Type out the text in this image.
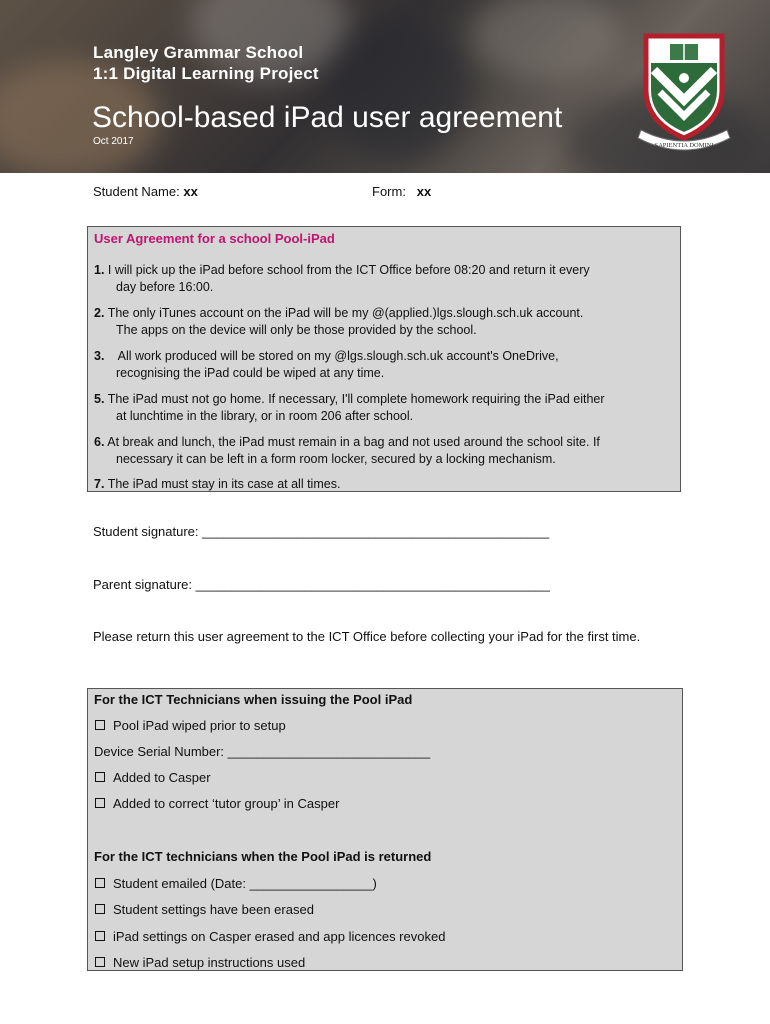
Langley Grammar School
1:1 Digital Learning Project
School-based iPad user agreement
Oct 2017	SAPIENTIA DOMINI
Student Name: xx	Form: xx
User Agreement for a school Pool-iPad
1. I will pick up the iPad before school from the ICT Office before 08:20 and return it every
day before 16:00.
2. The only iTunes account on the iPad will be my @(applied.)lgs.slough.sch.uk account.
The apps on the device will only be those provided by the school.
3. All work produced will be stored on my @lgs.slough.sch.uk account's OneDrive,
recognising the iPad could be wiped at any time.
5. The iPad must not go home. If necessary, I'll complete homework requiring the iPad either
at lunchtime in the library, or in room 206 after school.
6. At break and lunch, the iPad must remain in a bag and not used around the school site. If
necessary it can be left in a form room locker, secured by a locking mechanism.
7. The iPad must stay in its case at all times.
Student signature: ________________________________________________
Parent signature: _________________________________________________
Please return this user agreement to the ICT Office before collecting your iPad for the first time.
For the ICT Technicians when issuing the Pool iPad
Pool iPad wiped prior to setup
Device Serial Number: ____________________________
Added to Casper
Added to correct ‘tutor group’ in Casper
For the ICT technicians when the Pool iPad is returned
Student emailed (Date: _________________)
Student settings have been erased
iPad settings on Casper erased and app licences revoked
New iPad setup instructions used
